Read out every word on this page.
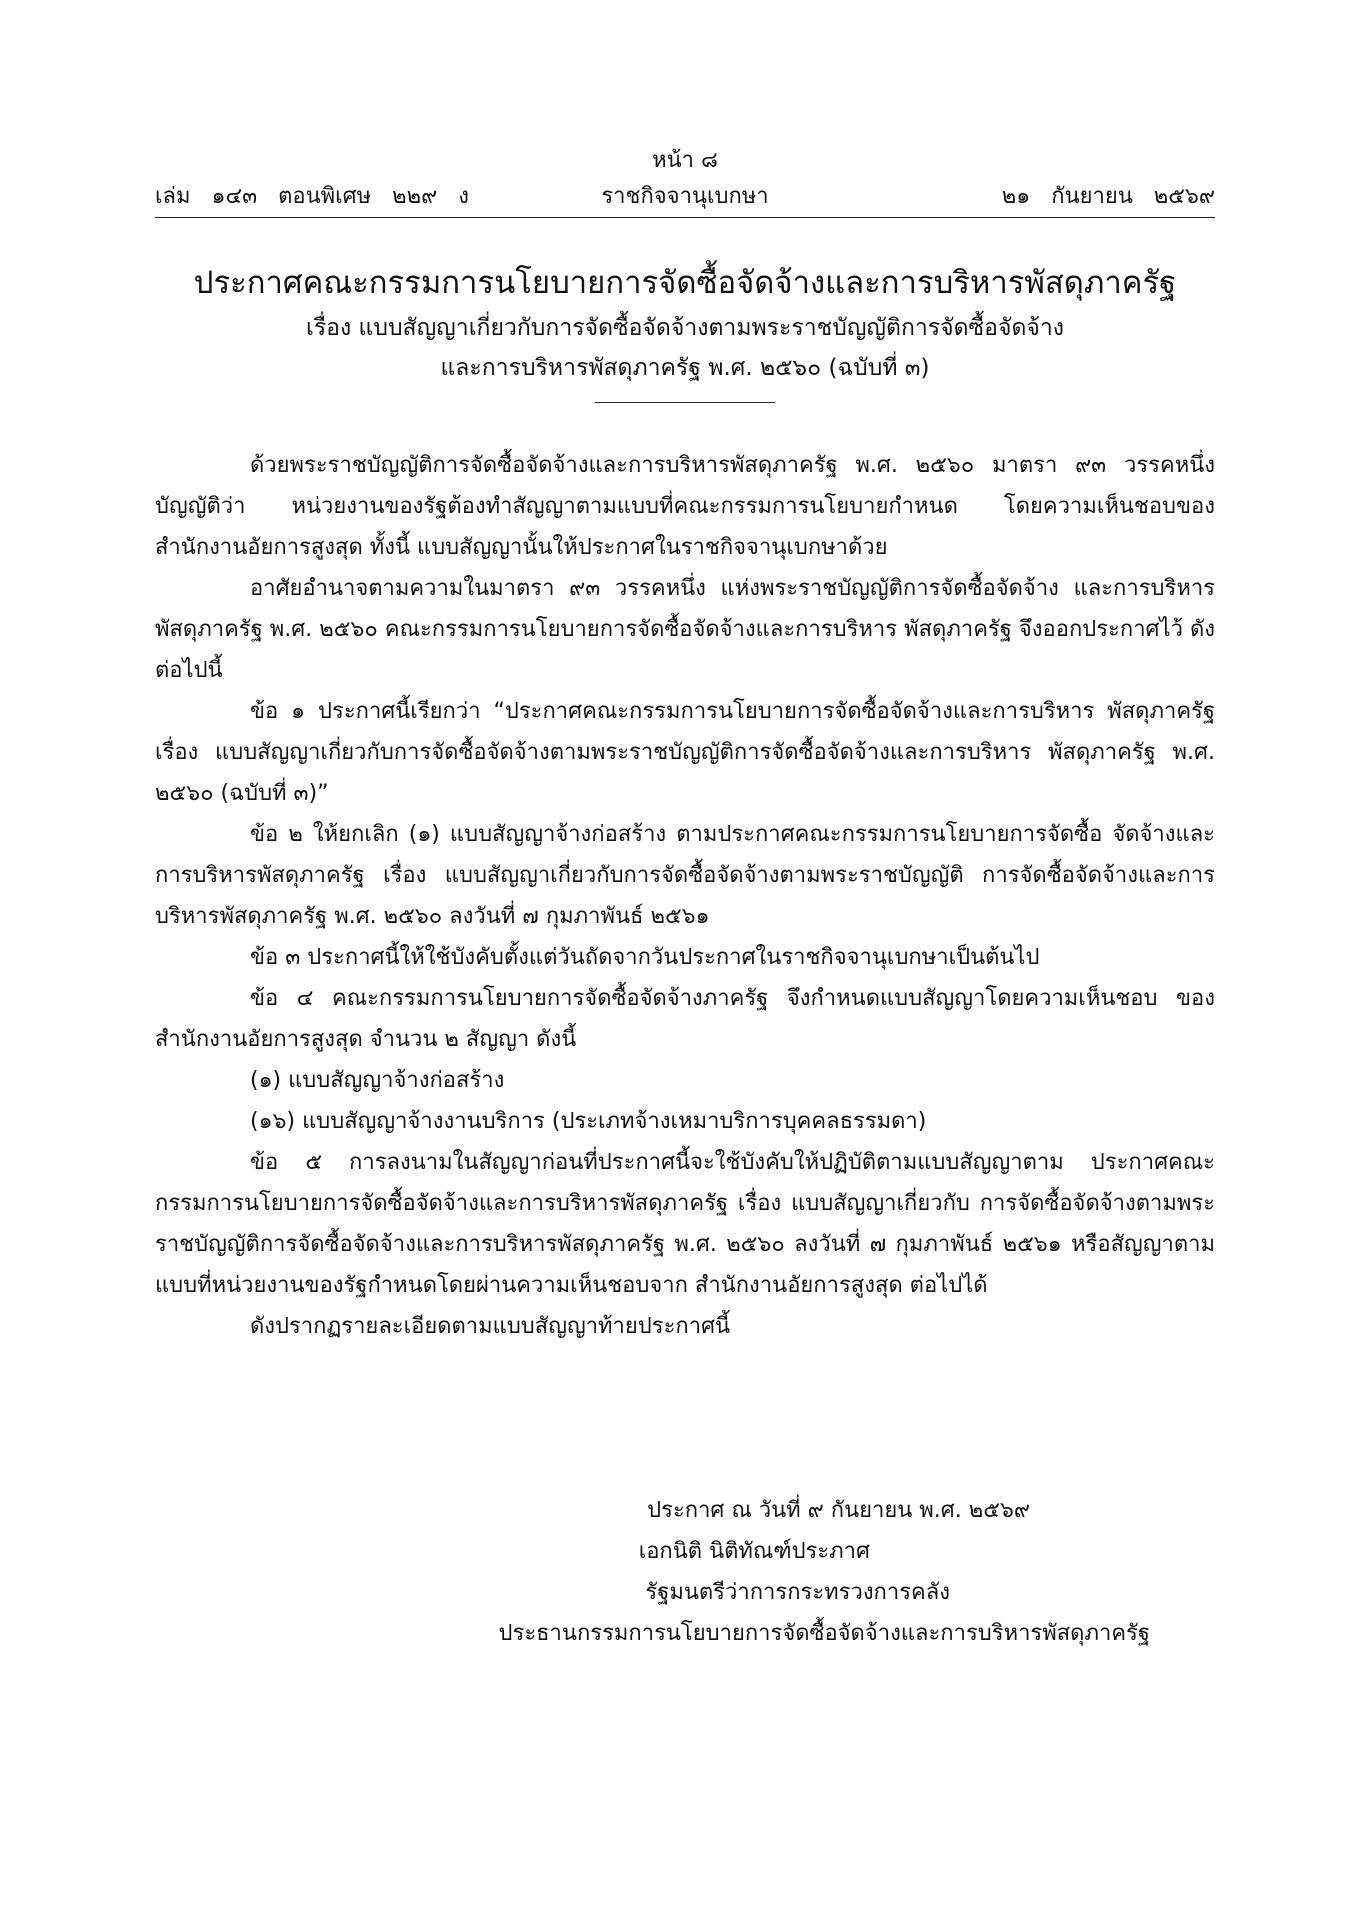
หน้า ๘
เล่ม   ๑๔๓   ตอนพิเศษ   ๒๒๙   ง	ราชกิจจานุเบกษา	๒๑   กันยายน   ๒๕๖๙
ประกาศคณะกรรมการนโยบายการจัดซื้อจัดจ้างและการบริหารพัสดุภาครัฐ
เรื่อง แบบสัญญาเกี่ยวกับการจัดซื้อจัดจ้างตามพระราชบัญญัติการจัดซื้อจัดจ้าง
และการบริหารพัสดุภาครัฐ พ.ศ. ๒๕๖๐ (ฉบับที่ ๓)

ด้วยพระราชบัญญัติการจัดซื้อจัดจ้างและการบริหารพัสดุภาครัฐ พ.ศ. ๒๕๖๐ มาตรา ๙๓ วรรคหนึ่ง บัญญัติว่า หน่วยงานของรัฐต้องทำสัญญาตามแบบที่คณะกรรมการนโยบายกำหนด โดยความเห็นชอบของสำนักงานอัยการสูงสุด ทั้งนี้ แบบสัญญานั้นให้ประกาศในราชกิจจานุเบกษาด้วย

อาศัยอำนาจตามความในมาตรา ๙๓ วรรคหนึ่ง แห่งพระราชบัญญัติการจัดซื้อจัดจ้าง และการบริหารพัสดุภาครัฐ พ.ศ. ๒๕๖๐ คณะกรรมการนโยบายการจัดซื้อจัดจ้างและการบริหาร พัสดุภาครัฐ จึงออกประกาศไว้ ดังต่อไปนี้

ข้อ ๑ ประกาศนี้เรียกว่า “ประกาศคณะกรรมการนโยบายการจัดซื้อจัดจ้างและการบริหาร พัสดุภาครัฐ เรื่อง แบบสัญญาเกี่ยวกับการจัดซื้อจัดจ้างตามพระราชบัญญัติการจัดซื้อจัดจ้างและการบริหาร พัสดุภาครัฐ พ.ศ. ๒๕๖๐ (ฉบับที่ ๓)”

ข้อ ๒ ให้ยกเลิก (๑) แบบสัญญาจ้างก่อสร้าง ตามประกาศคณะกรรมการนโยบายการจัดซื้อ จัดจ้างและการบริหารพัสดุภาครัฐ เรื่อง แบบสัญญาเกี่ยวกับการจัดซื้อจัดจ้างตามพระราชบัญญัติ การจัดซื้อจัดจ้างและการบริหารพัสดุภาครัฐ พ.ศ. ๒๕๖๐ ลงวันที่ ๗ กุมภาพันธ์ ๒๕๖๑

ข้อ ๓ ประกาศนี้ให้ใช้บังคับตั้งแต่วันถัดจากวันประกาศในราชกิจจานุเบกษาเป็นต้นไป

ข้อ ๔ คณะกรรมการนโยบายการจัดซื้อจัดจ้างภาครัฐ จึงกำหนดแบบสัญญาโดยความเห็นชอบ ของสำนักงานอัยการสูงสุด จำนวน ๒ สัญญา ดังนี้

(๑) แบบสัญญาจ้างก่อสร้าง

(๑๖) แบบสัญญาจ้างงานบริการ (ประเภทจ้างเหมาบริการบุคคลธรรมดา)

ข้อ ๕ การลงนามในสัญญาก่อนที่ประกาศนี้จะใช้บังคับให้ปฏิบัติตามแบบสัญญาตาม ประกาศคณะกรรมการนโยบายการจัดซื้อจัดจ้างและการบริหารพัสดุภาครัฐ เรื่อง แบบสัญญาเกี่ยวกับ การจัดซื้อจัดจ้างตามพระราชบัญญัติการจัดซื้อจัดจ้างและการบริหารพัสดุภาครัฐ พ.ศ. ๒๕๖๐ ลงวันที่ ๗ กุมภาพันธ์ ๒๕๖๑ หรือสัญญาตามแบบที่หน่วยงานของรัฐกำหนดโดยผ่านความเห็นชอบจาก สำนักงานอัยการสูงสุด ต่อไปได้

ดังปรากฏรายละเอียดตามแบบสัญญาท้ายประกาศนี้

ประกาศ ณ วันที่ ๙ กันยายน พ.ศ. ๒๕๖๙
เอกนิติ นิติทัณฑ์ประภาศ
รัฐมนตรีว่าการกระทรวงการคลัง
ประธานกรรมการนโยบายการจัดซื้อจัดจ้างและการบริหารพัสดุภาครัฐ
